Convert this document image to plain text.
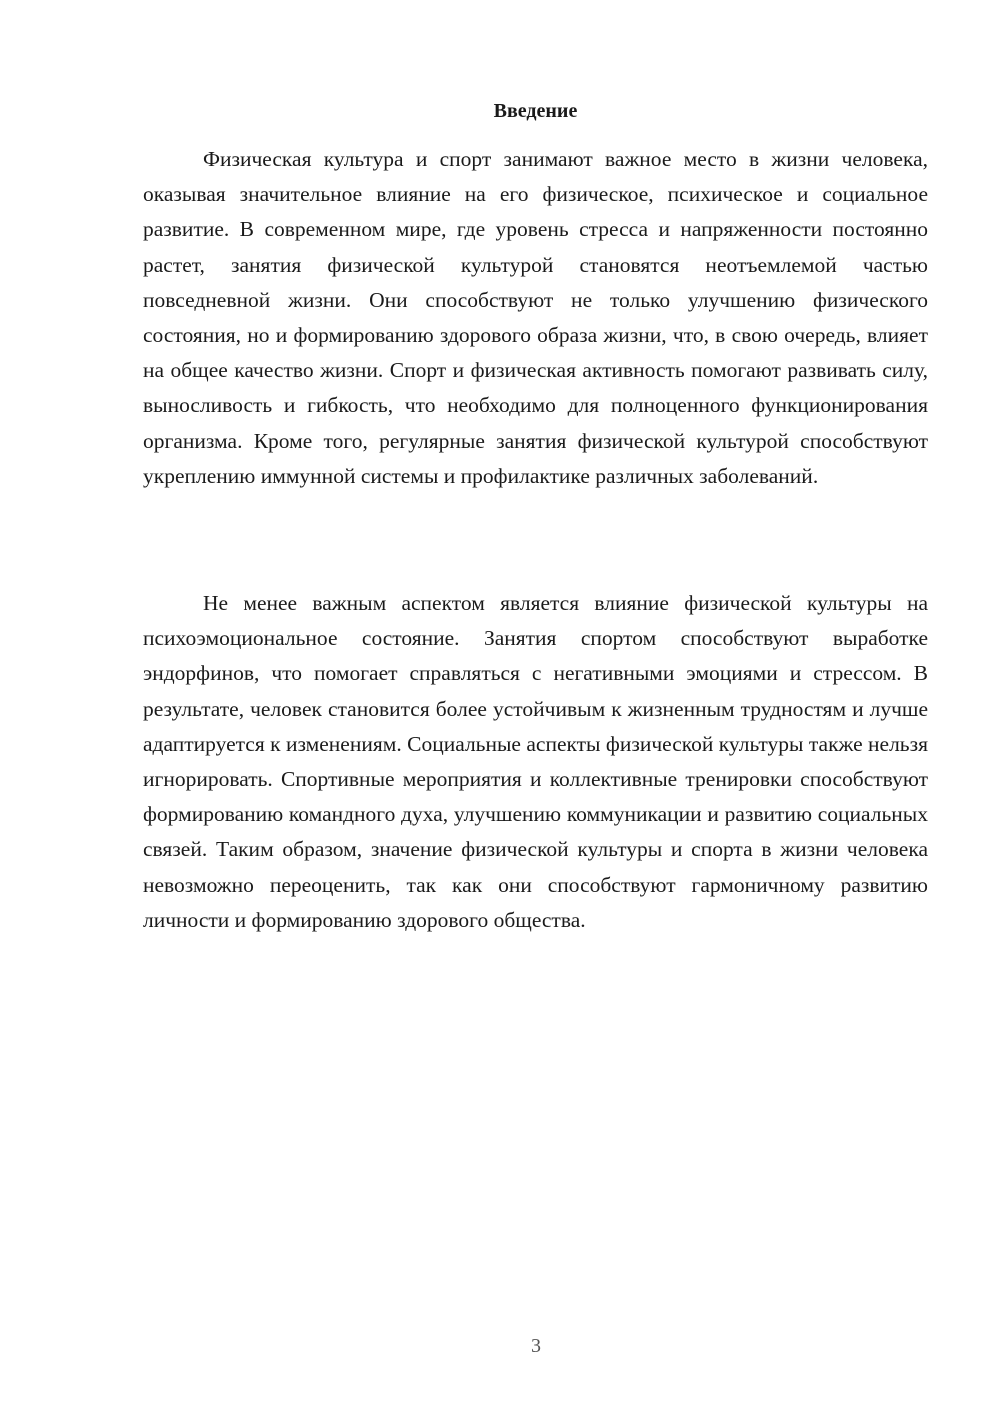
Введение

Физическая культура и спорт занимают важное место в жизни человека, оказывая значительное влияние на его физическое, психическое и социальное развитие. В современном мире, где уровень стресса и напряженности постоянно растет, занятия физической культурой становятся неотъемлемой частью повседневной жизни. Они способствуют не только улучшению физического состояния, но и формированию здорового образа жизни, что, в свою очередь, влияет на общее качество жизни. Спорт и физическая активность помогают развивать силу, выносливость и гибкость, что необходимо для полноценного функционирования организма. Кроме того, регулярные занятия физической культурой способствуют укреплению иммунной системы и профилактике различных заболеваний.

Не менее важным аспектом является влияние физической культуры на психоэмоциональное состояние. Занятия спортом способствуют выработке эндорфинов, что помогает справляться с негативными эмоциями и стрессом. В результате, человек становится более устойчивым к жизненным трудностям и лучше адаптируется к изменениям. Социальные аспекты физической культуры также нельзя игнорировать. Спортивные мероприятия и коллективные тренировки способствуют формированию командного духа, улучшению коммуникации и развитию социальных связей. Таким образом, значение физической культуры и спорта в жизни человека невозможно переоценить, так как они способствуют гармоничному развитию личности и формированию здорового общества.

3
